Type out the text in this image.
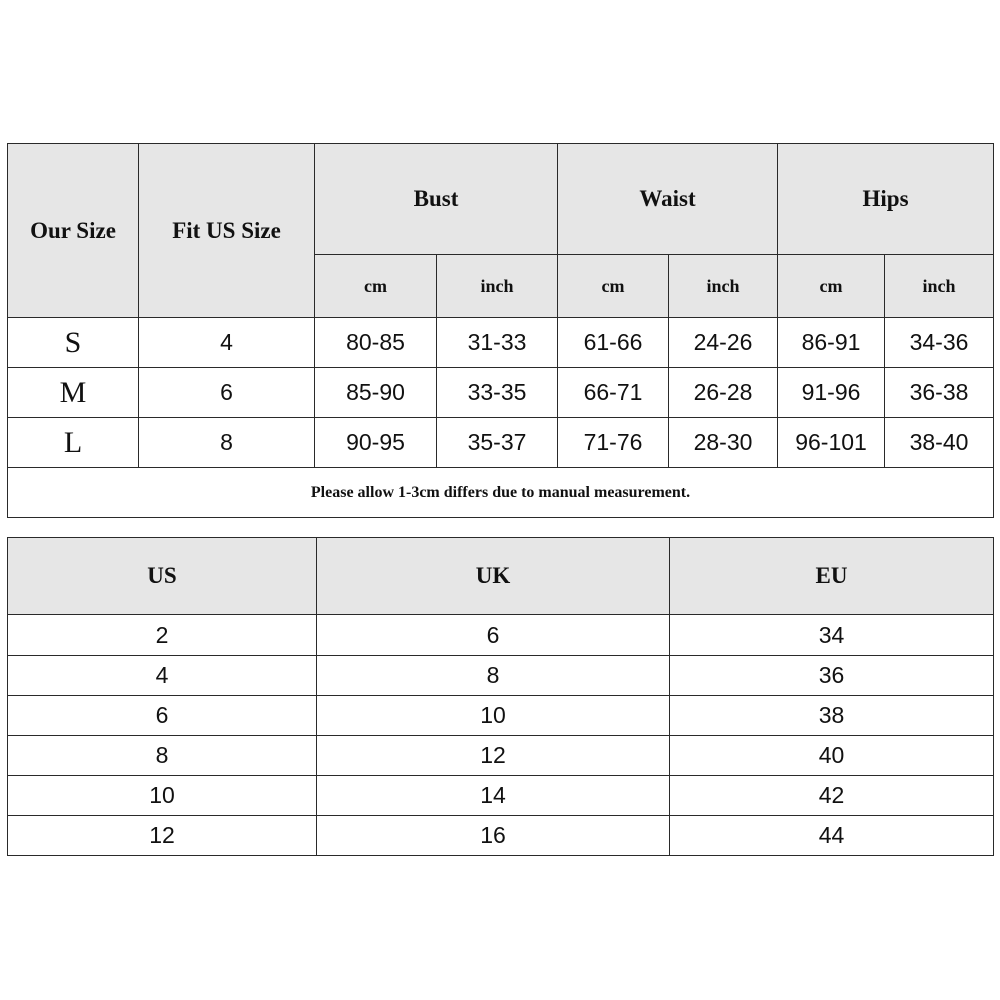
Our Size	Fit US Size	Bust		Waist		Hips	
		cm	inch	cm	inch	cm	inch
S	4	80-85	31-33	61-66	24-26	86-91	34-36
M	6	85-90	33-35	66-71	26-28	91-96	36-38
L	8	90-95	35-37	71-76	28-30	96-101	38-40
Please allow 1-3cm differs due to manual measurement.							
US	UK	EU
2	6	34
4	8	36
6	10	38
8	12	40
10	14	42
12	16	44
